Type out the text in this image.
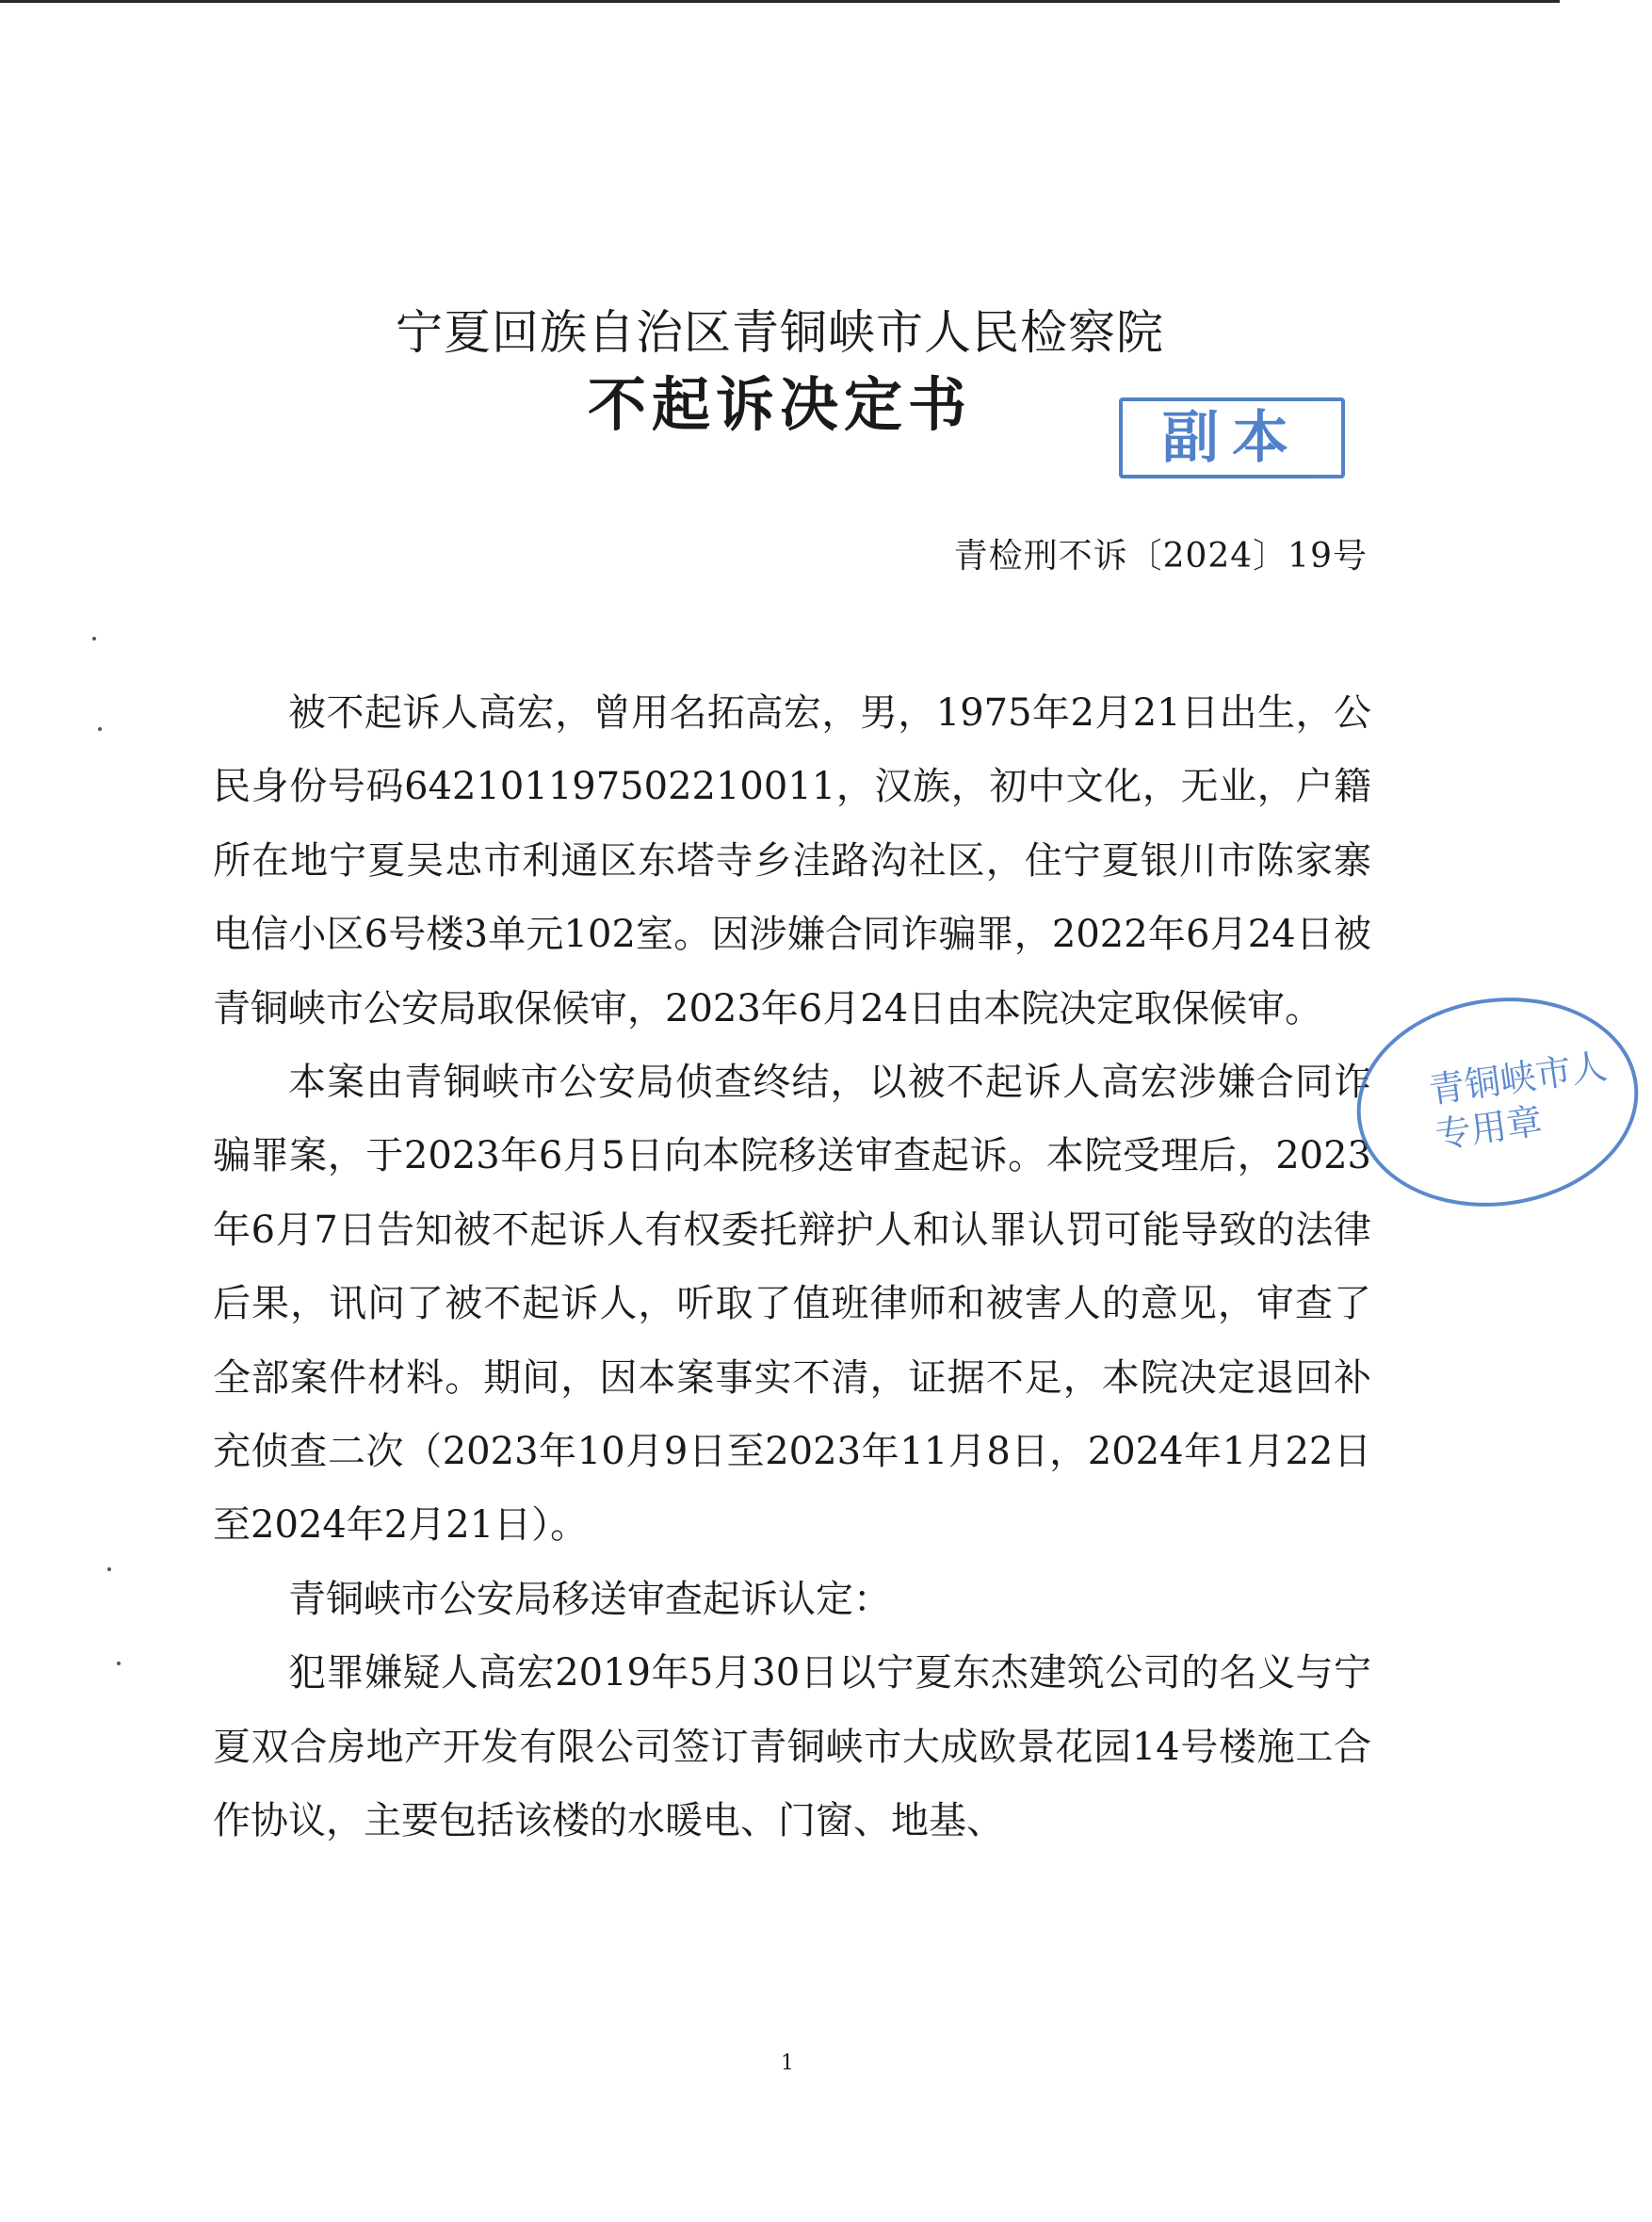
宁夏回族自治区青铜峡市人民检察院
不起诉决定书	副本
青检刑不诉〔2024〕19号

被不起诉人高宏，曾用名拓高宏，男，1975年2月21日出生，公民身份号码642101197502210011，汉族，初中文化，无业，户籍所在地宁夏吴忠市利通区东塔寺乡洼路沟社区，住宁夏银川市陈家寨电信小区6号楼3单元102室。因涉嫌合同诈骗罪，2022年6月24日被青铜峡市公安局取保候审，2023年6月24日由本院决定取保候审。

本案由青铜峡市公安局侦查终结，以被不起诉人高宏涉嫌合同诈骗罪案，于2023年6月5日向本院移送审查起诉。本院受理后，2023年6月7日告知被不起诉人有权委托辩护人和认罪认罚可能导致的法律后果，讯问了被不起诉人，听取了值班律师和被害人的意见，审查了全部案件材料。期间，因本案事实不清，证据不足，本院决定退回补充侦查二次（2023年10月9日至2023年11月8日，2024年1月22日至2024年2月21日）。

青铜峡市公安局移送审查起诉认定：

犯罪嫌疑人高宏2019年5月30日以宁夏东杰建筑公司的名义与宁夏双合房地产开发有限公司签订青铜峡市大成欧景花园14号楼施工合作协议，主要包括该楼的水暖电、门窗、地基、

青铜峡市人
专用章
1
